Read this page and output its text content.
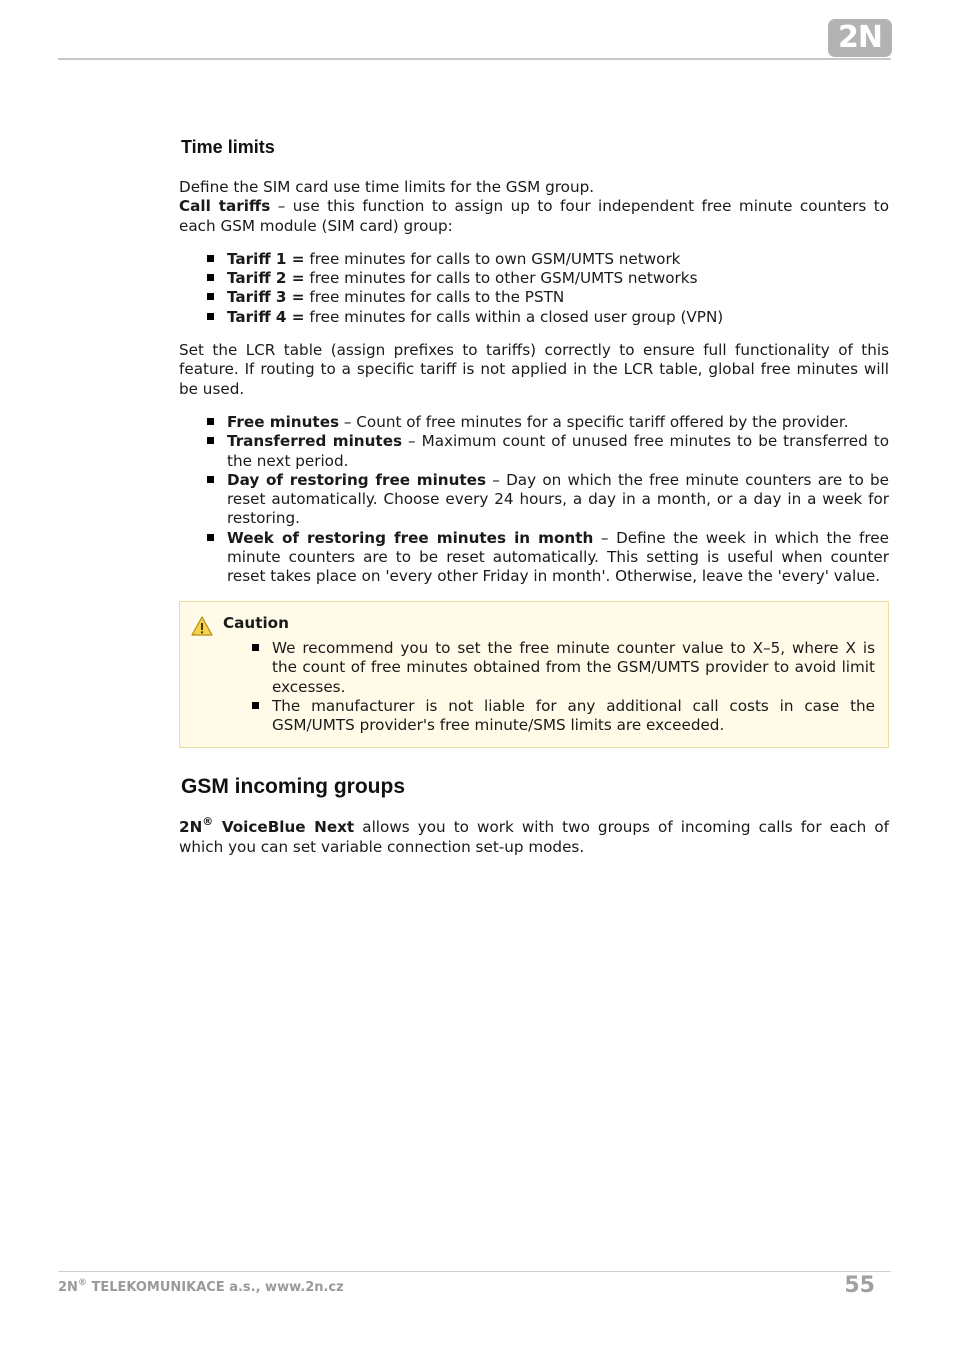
2N
Time limits

Define the SIM card use time limits for the GSM group.
Call tariffs – use this function to assign up to four independent free minute counters to each GSM module (SIM card) group:

Tariff 1 = free minutes for calls to own GSM/UMTS network
Tariff 2 = free minutes for calls to other GSM/UMTS networks
Tariff 3 = free minutes for calls to the PSTN
Tariff 4 = free minutes for calls within a closed user group (VPN)

Set the LCR table (assign prefixes to tariffs) correctly to ensure full functionality of this feature. If routing to a specific tariff is not applied in the LCR table, global free minutes will be used.

Free minutes – Count of free minutes for a specific tariff offered by the provider.
Transferred minutes – Maximum count of unused free minutes to be transferred to the next period.
Day of restoring free minutes – Day on which the free minute counters are to be reset automatically. Choose every 24 hours, a day in a month, or a day in a week for restoring.
Week of restoring free minutes in month – Define the week in which the free minute counters are to be reset automatically. This setting is useful when counter reset takes place on 'every other Friday in month'. Otherwise, leave the 'every' value.
Caution
We recommend you to set the free minute counter value to X–5, where X is the count of free minutes obtained from the GSM/UMTS provider to avoid limit excesses.
The manufacturer is not liable for any additional call costs in case the GSM/UMTS provider's free minute/SMS limits are exceeded.
GSM incoming groups

2N® VoiceBlue Next allows you to work with two groups of incoming calls for each of which you can set variable connection set-up modes.

2N® TELEKOMUNIKACE a.s., www.2n.cz	55
